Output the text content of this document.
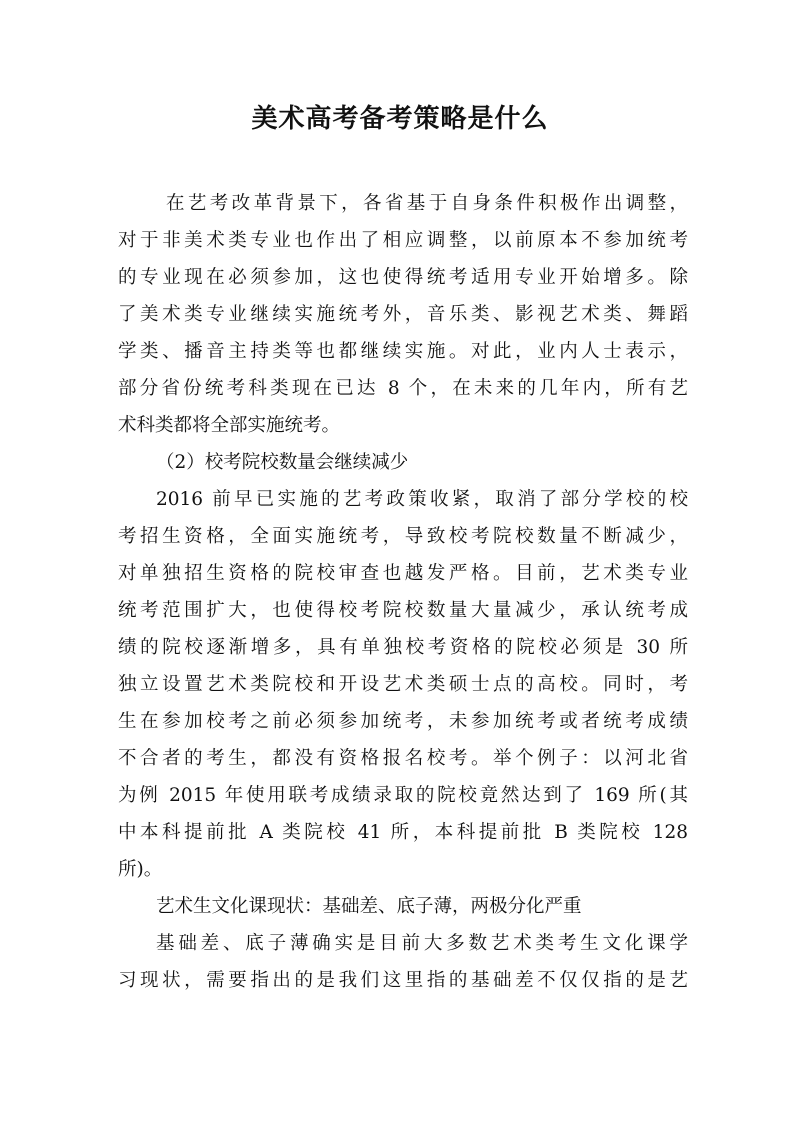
美术高考备考策略是什么
在艺考改革背景下，各省基于自身条件积极作出调整，
对于非美术类专业也作出了相应调整，以前原本不参加统考
的专业现在必须参加，这也使得统考适用专业开始增多。除
了美术类专业继续实施统考外，音乐类、影视艺术类、舞蹈
学类、播音主持类等也都继续实施。对此，业内人士表示，
部分省份统考科类现在已达 8 个，在未来的几年内，所有艺
术科类都将全部实施统考。
（2）校考院校数量会继续减少
2016 前早已实施的艺考政策收紧，取消了部分学校的校
考招生资格，全面实施统考，导致校考院校数量不断减少，
对单独招生资格的院校审查也越发严格。目前，艺术类专业
统考范围扩大，也使得校考院校数量大量减少，承认统考成
绩的院校逐渐增多，具有单独校考资格的院校必须是 30 所
独立设置艺术类院校和开设艺术类硕士点的高校。同时，考
生在参加校考之前必须参加统考，未参加统考或者统考成绩
不合者的考生，都没有资格报名校考。举个例子：以河北省
为例 2015 年使用联考成绩录取的院校竟然达到了 169 所(其
中本科提前批 A 类院校 41 所，本科提前批 B 类院校 128
所)。
艺术生文化课现状：基础差、底子薄，两极分化严重
基础差、底子薄确实是目前大多数艺术类考生文化课学
习现状，需要指出的是我们这里指的基础差不仅仅指的是艺
